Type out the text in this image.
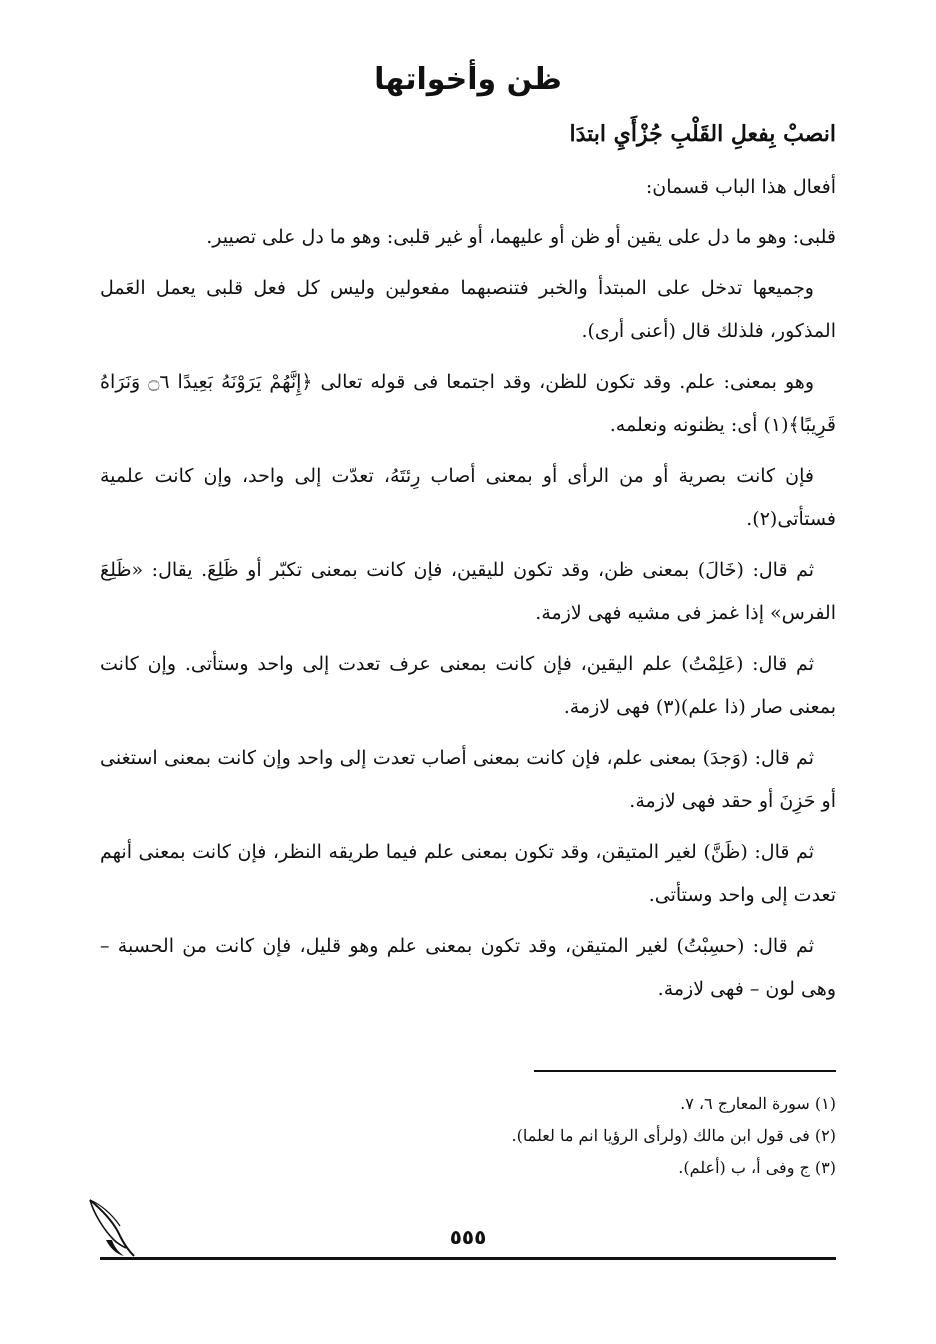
ظن وأخواتها
انصبْ بِفعلِ القَلْبِ جُزْأَيِ ابتدَا
أفعال هذا الباب قسمان:

قلبى: وهو ما دل على يقين أو ظن أو عليهما، أو غير قلبى: وهو ما دل على تصيير.

وجميعها تدخل على المبتدأ والخبر فتنصبهما مفعولين وليس كل فعل قلبى يعمل العَمل المذكور، فلذلك قال (أعنى أرى).

وهو بمعنى: علم. وقد تكون للظن، وقد اجتمعا فى قوله تعالى ﴿إِنَّهُمْ يَرَوْنَهُ بَعِيدًا ۝٦ وَنَرَاهُ قَرِيبًا﴾(١) أى: يظنونه ونعلمه.

فإن كانت بصرية أو من الرأى أو بمعنى أصاب رِئتَهُ، تعدّت إلى واحد، وإن كانت علمية فستأتى(٢).

ثم قال: (خَالَ) بمعنى ظن، وقد تكون لليقين، فإن كانت بمعنى تكبّر أو ظَلِعَ. يقال: «ظَلِعَ الفرس» إذا غمز فى مشيه فهى لازمة.

ثم قال: (عَلِمْتُ) علم اليقين، فإن كانت بمعنى عرف تعدت إلى واحد وستأتى. وإن كانت بمعنى صار (ذا علم)(٣) فهى لازمة.

ثم قال: (وَجدَ) بمعنى علم، فإن كانت بمعنى أصاب تعدت إلى واحد وإن كانت بمعنى استغنى أو حَزِنَ أو حقد فهى لازمة.

ثم قال: (ظَنَّ) لغير المتيقن، وقد تكون بمعنى علم فيما طريقه النظر، فإن كانت بمعنى أنهم تعدت إلى واحد وستأتى.

ثم قال: (حسِبْتُ) لغير المتيقن، وقد تكون بمعنى علم وهو قليل، فإن كانت من الحسبة – وهى لون – فهى لازمة.

(١) سورة المعارج ٦، ٧.

(٢) فى قول ابن مالك (ولرأى الرؤيا انم ما لعلما).

(٣) ج وفى أ، ب (أعلم).

٥٥٥
